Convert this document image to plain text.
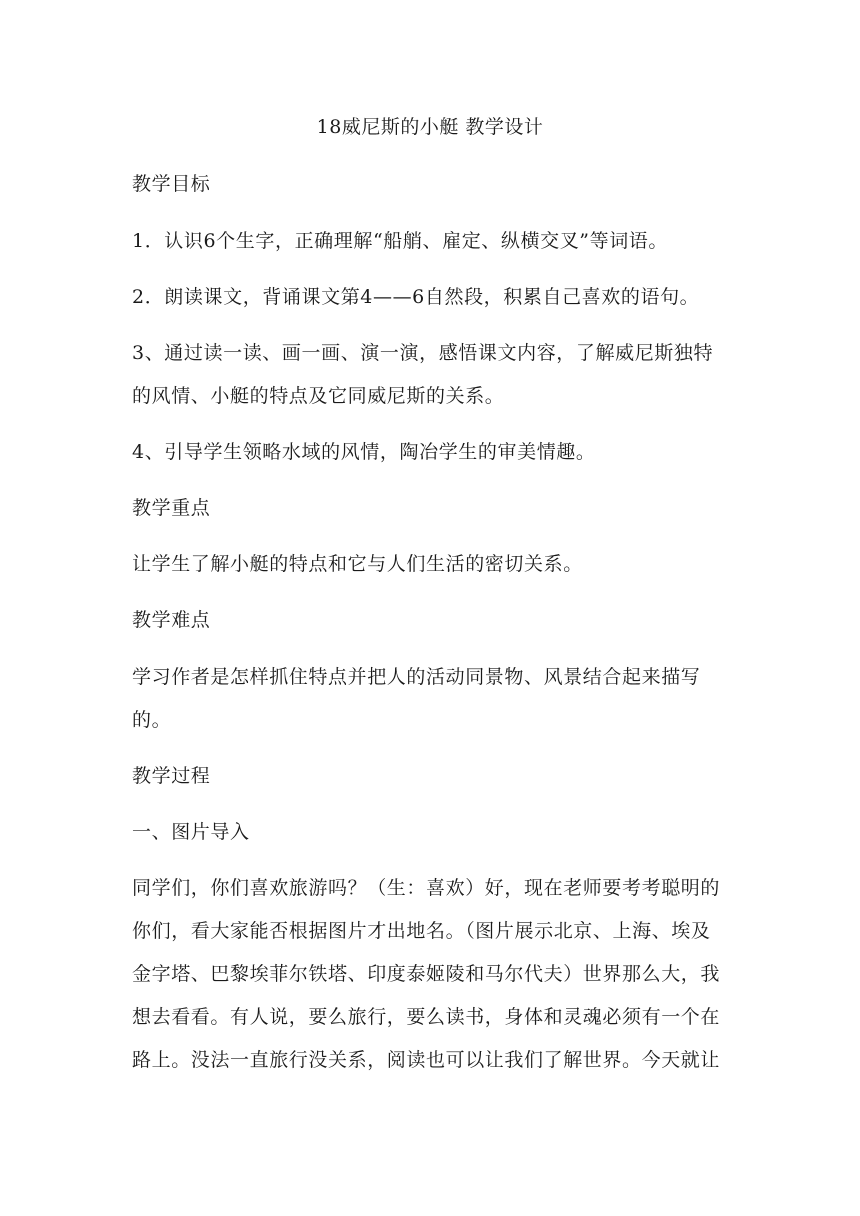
18威尼斯的小艇 教学设计
教学目标
1．认识6个生字，正确理解“船艄、雇定、纵横交叉”等词语。
2．朗读课文，背诵课文第4——6自然段，积累自己喜欢的语句。
3、通过读一读、画一画、演一演，感悟课文内容，了解威尼斯独特
的风情、小艇的特点及它同威尼斯的关系。
4、引导学生领略水域的风情，陶冶学生的审美情趣。
教学重点
让学生了解小艇的特点和它与人们生活的密切关系。
教学难点
学习作者是怎样抓住特点并把人的活动同景物、风景结合起来描写
的。
教学过程
一、图片导入
同学们，你们喜欢旅游吗？（生：喜欢）好，现在老师要考考聪明的
你们，看大家能否根据图片才出地名。（图片展示北京、上海、埃及
金字塔、巴黎埃菲尔铁塔、印度泰姬陵和马尔代夫）世界那么大，我
想去看看。有人说，要么旅行，要么读书，身体和灵魂必须有一个在
路上。没法一直旅行没关系，阅读也可以让我们了解世界。今天就让
